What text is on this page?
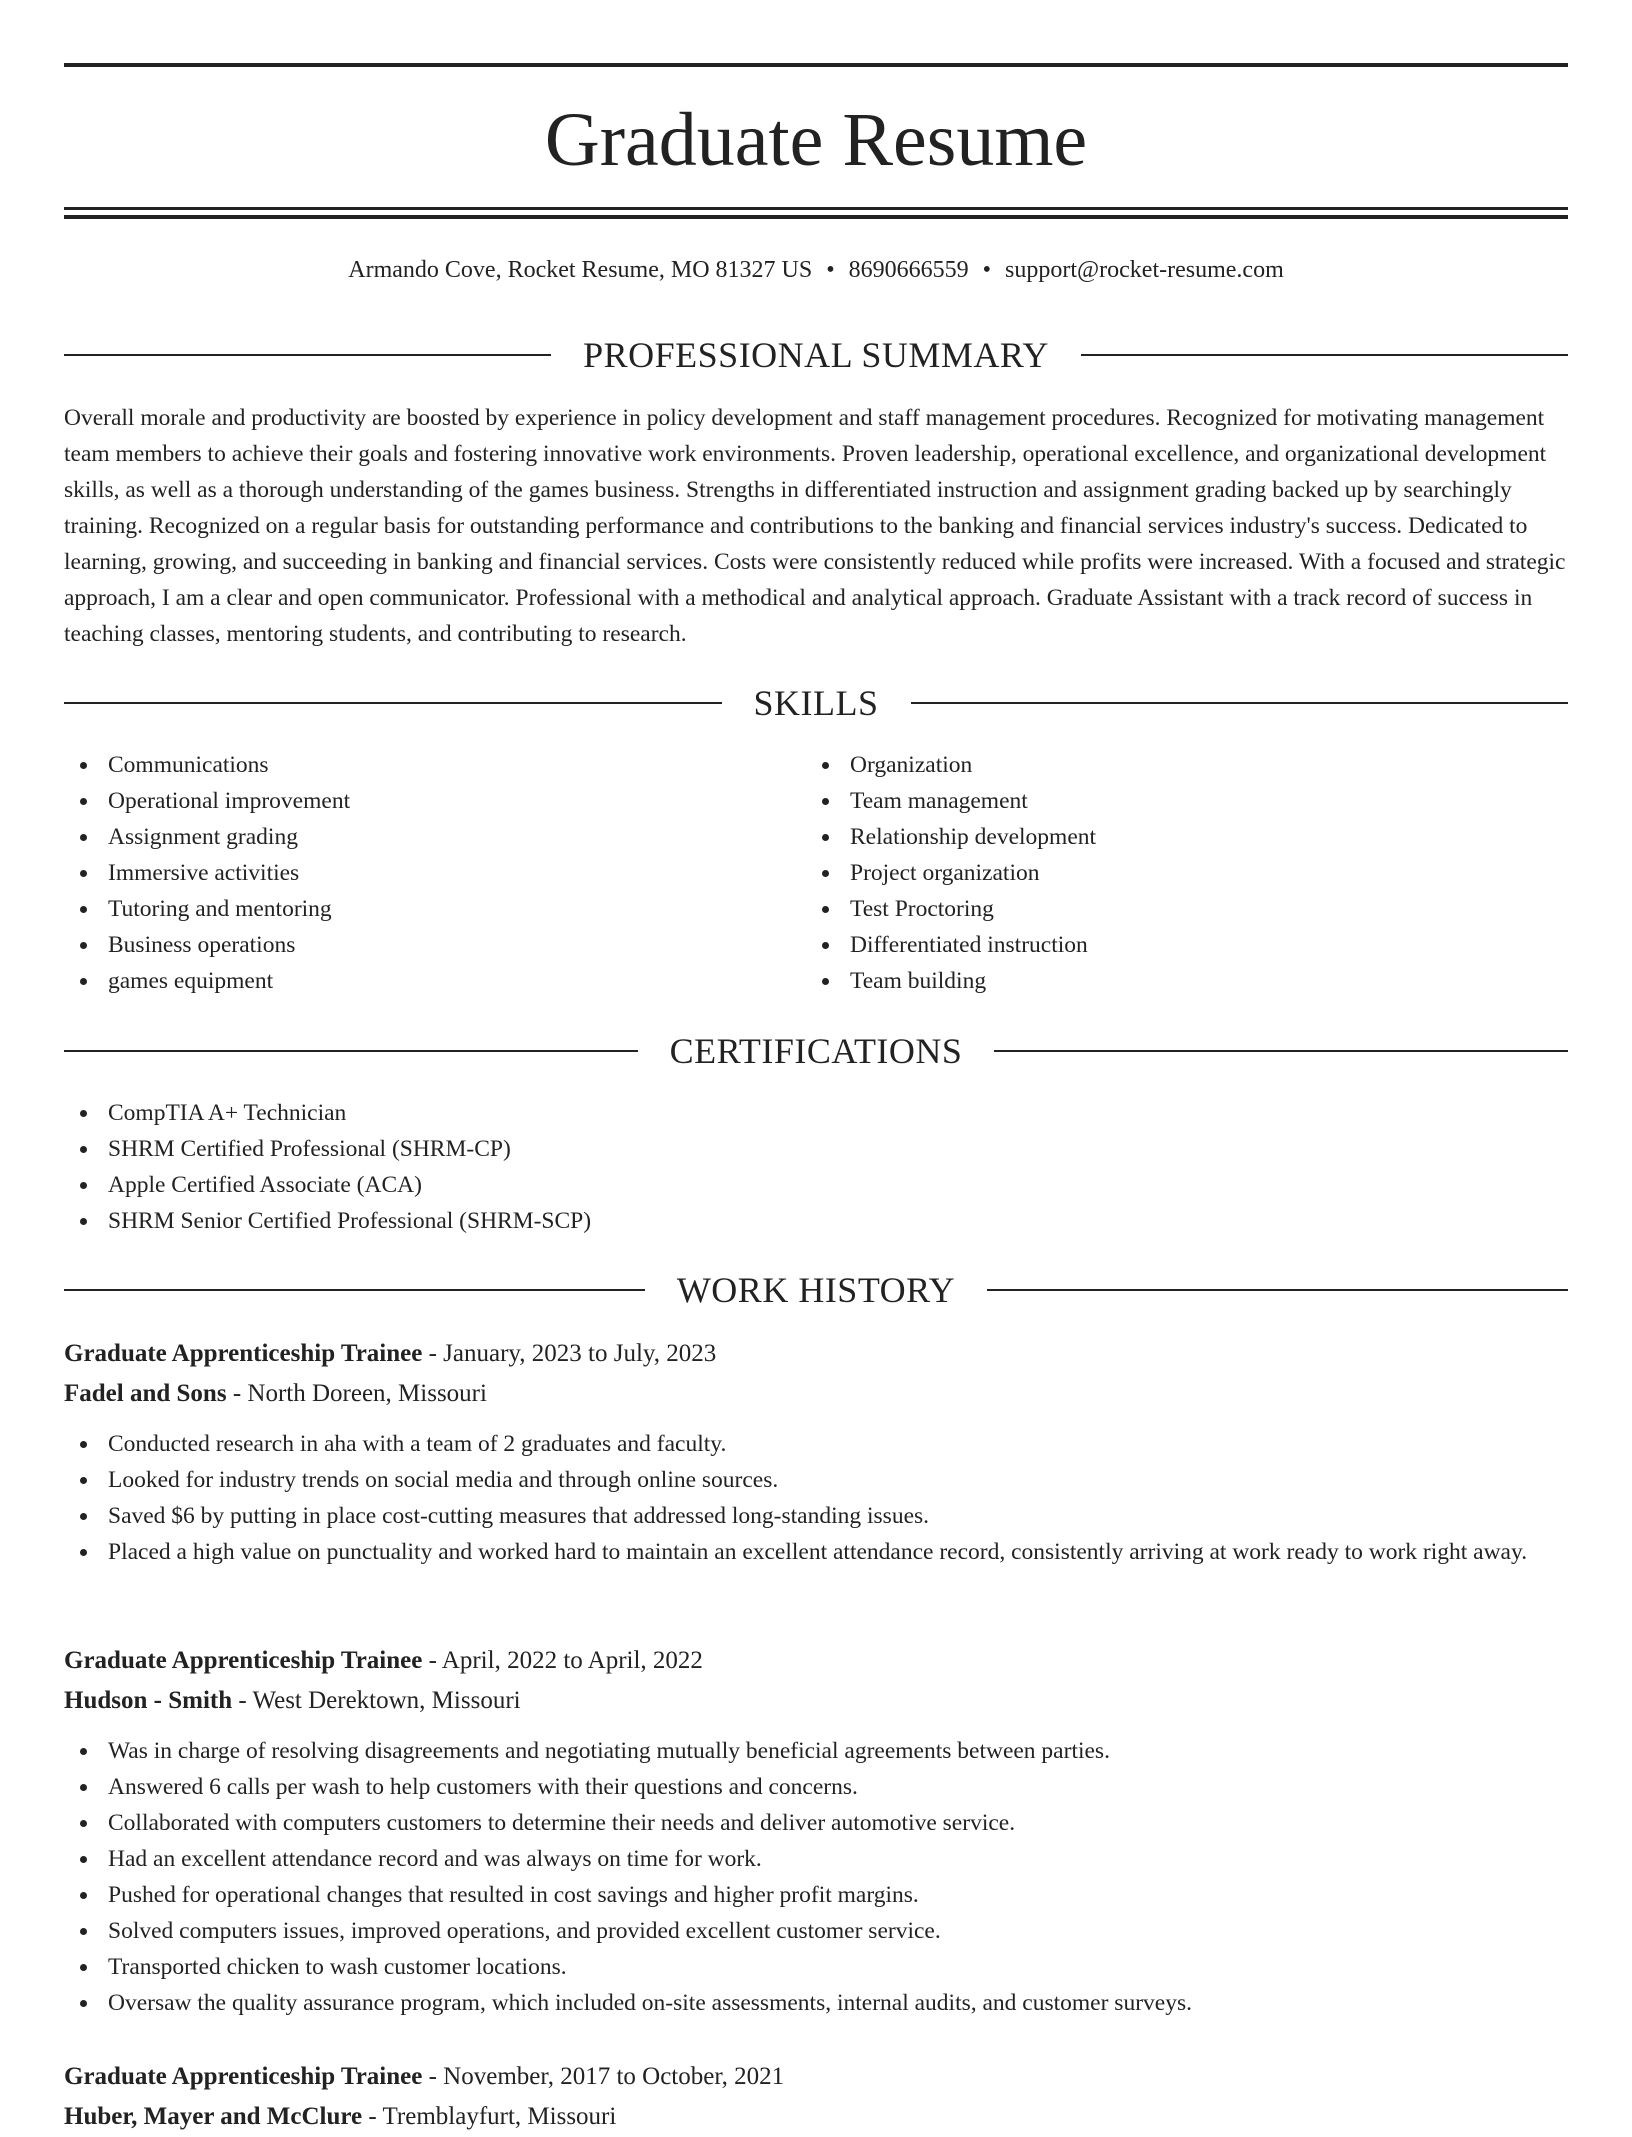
Graduate Resume
Armando Cove, Rocket Resume, MO 81327 US • 8690666559 • support@rocket-resume.com
PROFESSIONAL SUMMARY

Overall morale and productivity are boosted by experience in policy development and staff management procedures. Recognized for motivating management team members to achieve their goals and fostering innovative work environments. Proven leadership, operational excellence, and organizational development skills, as well as a thorough understanding of the games business. Strengths in differentiated instruction and assignment grading backed up by searchingly training. Recognized on a regular basis for outstanding performance and contributions to the banking and financial services industry's success. Dedicated to learning, growing, and succeeding in banking and financial services. Costs were consistently reduced while profits were increased. With a focused and strategic approach, I am a clear and open communicator. Professional with a methodical and analytical approach. Graduate Assistant with a track record of success in teaching classes, mentoring students, and contributing to research.

SKILLS
Communications
Operational improvement
Assignment grading
Immersive activities
Tutoring and mentoring
Business operations
games equipment
Organization
Team management
Relationship development
Project organization
Test Proctoring
Differentiated instruction
Team building
CERTIFICATIONS
CompTIA A+ Technician
SHRM Certified Professional (SHRM-CP)
Apple Certified Associate (ACA)
SHRM Senior Certified Professional (SHRM-SCP)
WORK HISTORY
Graduate Apprenticeship Trainee - January, 2023 to July, 2023
Fadel and Sons - North Doreen, Missouri
Conducted research in aha with a team of 2 graduates and faculty.
Looked for industry trends on social media and through online sources.
Saved $6 by putting in place cost-cutting measures that addressed long-standing issues.
Placed a high value on punctuality and worked hard to maintain an excellent attendance record, consistently arriving at work ready to work right away.
Graduate Apprenticeship Trainee - April, 2022 to April, 2022
Hudson - Smith - West Derektown, Missouri
Was in charge of resolving disagreements and negotiating mutually beneficial agreements between parties.
Answered 6 calls per wash to help customers with their questions and concerns.
Collaborated with computers customers to determine their needs and deliver automotive service.
Had an excellent attendance record and was always on time for work.
Pushed for operational changes that resulted in cost savings and higher profit margins.
Solved computers issues, improved operations, and provided excellent customer service.
Transported chicken to wash customer locations.
Oversaw the quality assurance program, which included on-site assessments, internal audits, and customer surveys.
Graduate Apprenticeship Trainee - November, 2017 to October, 2021
Huber, Mayer and McClure - Tremblayfurt, Missouri
